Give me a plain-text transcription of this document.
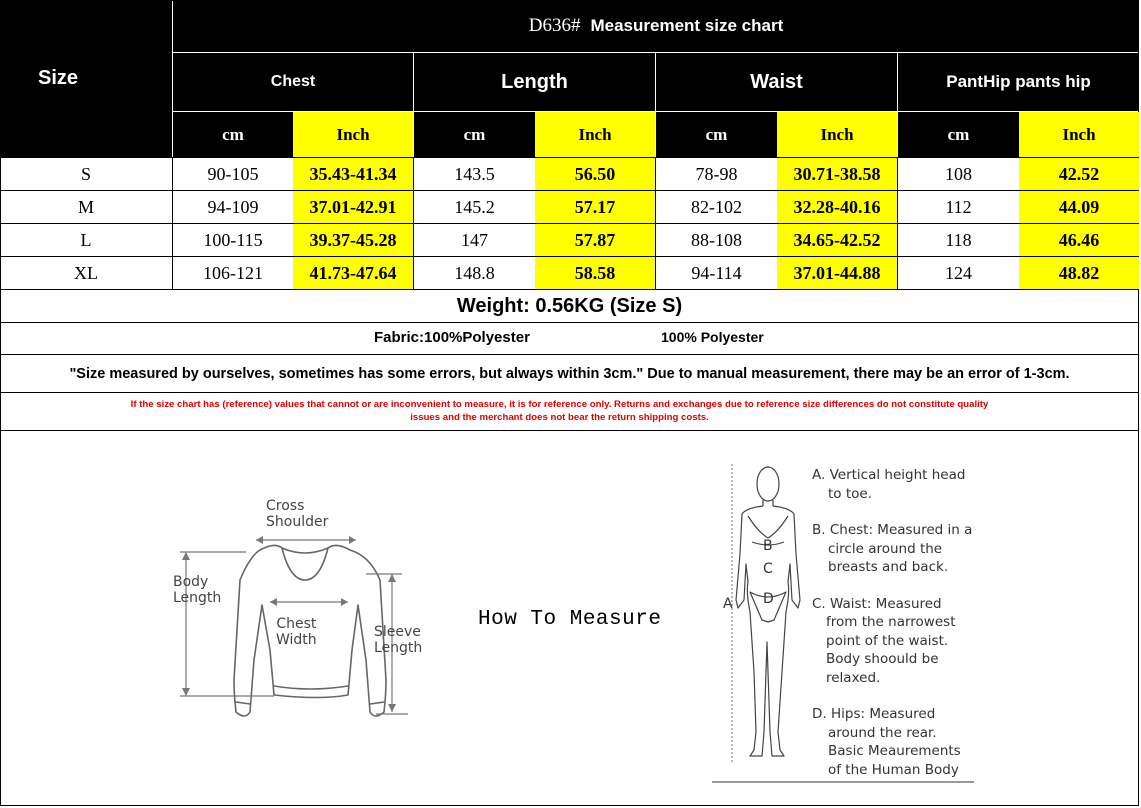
Size
D636# Measurement size chart
Chest	Length	Waist	PantHip pants hip
cm	Inch	cm	Inch	cm	Inch	cm	Inch
S	90-105	35.43-41.34	143.5	56.50	78-98	30.71-38.58	108	42.52
M	94-109	37.01-42.91	145.2	57.17	82-102	32.28-40.16	112	44.09
L	100-115	39.37-45.28	147	57.87	88-108	34.65-42.52	118	46.46
XL	106-121	41.73-47.64	148.8	58.58	94-114	37.01-44.88	124	48.82
Weight: 0.56KG (Size S)
Fabric:100%Polyester	100% Polyester
"Size measured by ourselves, sometimes has some errors, but always within 3cm." Due to manual measurement, there may be an error of 1-3cm.
If the size chart has (reference) values that cannot or are inconvenient to measure, it is for reference only. Returns and exchanges due to reference size differences do not constitute quality
issues and the merchant does not bear the return shipping costs.
Cross
Shoulder
Body
Length
Chest
Width	Sleeve
Length
How To Measure
A
B
C
D
A. Vertical height head
to toe.
B. Chest: Measured in a
circle around the
breasts and back.
C. Waist: Measured
from the narrowest
point of the waist.
Body shoould be
relaxed.
D. Hips: Measured
around the rear.
Basic Meaurements
of the Human Body
